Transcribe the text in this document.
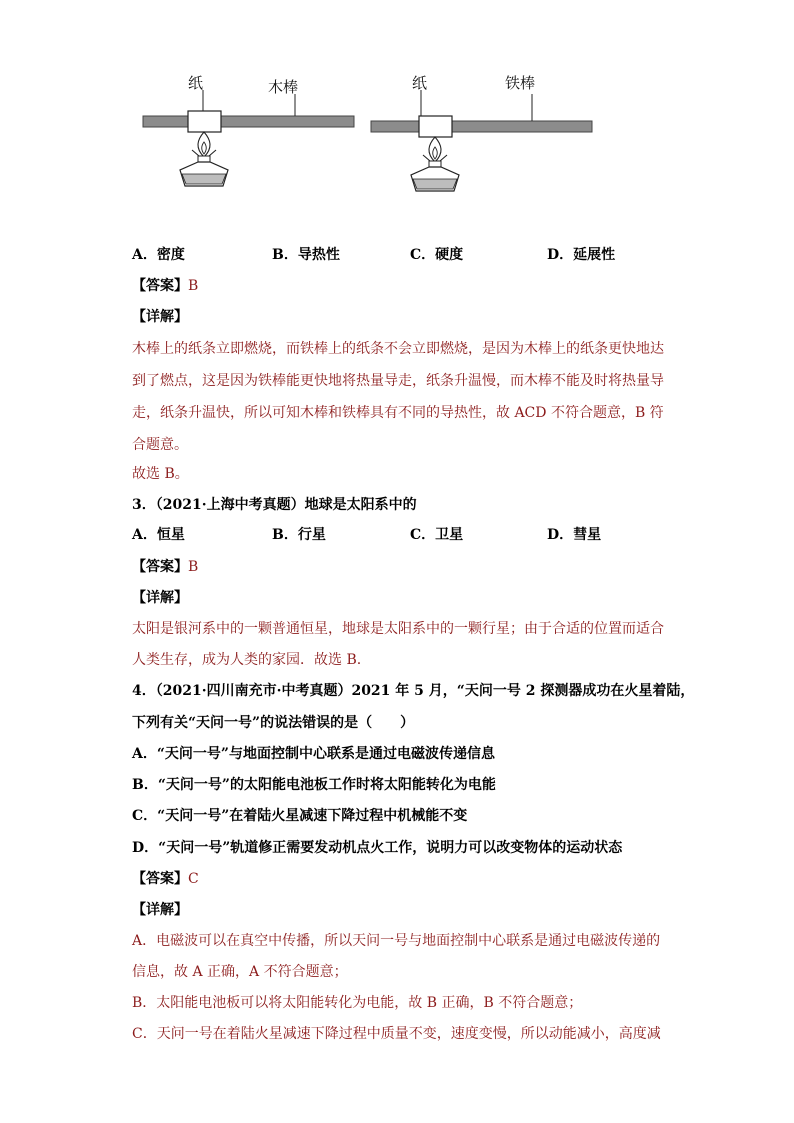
纸	木棒	纸	铁棒
A．密度	B．导热性	C．硬度	D．延展性
【答案】B
【详解】
木棒上的纸条立即燃烧，而铁棒上的纸条不会立即燃烧，是因为木棒上的纸条更快地达
到了燃点，这是因为铁棒能更快地将热量导走，纸条升温慢，而木棒不能及时将热量导
走，纸条升温快，所以可知木棒和铁棒具有不同的导热性，故 ACD 不符合题意，B 符
合题意。
故选 B。
3．（2021·上海中考真题）地球是太阳系中的
A．恒星	B．行星	C．卫星	D．彗星
【答案】B
【详解】
太阳是银河系中的一颗普通恒星，地球是太阳系中的一颗行星；由于合适的位置而适合
人类生存，成为人类的家园．故选 B.
4．（2021·四川南充市·中考真题）2021 年 5 月，“天问一号 2 探测器成功在火星着陆，
下列有关“天问一号”的说法错误的是（　　）
A．“天问一号”与地面控制中心联系是通过电磁波传递信息
B．“天问一号”的太阳能电池板工作时将太阳能转化为电能
C．“天问一号”在着陆火星减速下降过程中机械能不变
D．“天问一号”轨道修正需要发动机点火工作，说明力可以改变物体的运动状态
【答案】C
【详解】
A．电磁波可以在真空中传播，所以天问一号与地面控制中心联系是通过电磁波传递的
信息，故 A 正确，A 不符合题意；
B．太阳能电池板可以将太阳能转化为电能，故 B 正确，B 不符合题意；
C．天问一号在着陆火星减速下降过程中质量不变，速度变慢，所以动能减小，高度减
